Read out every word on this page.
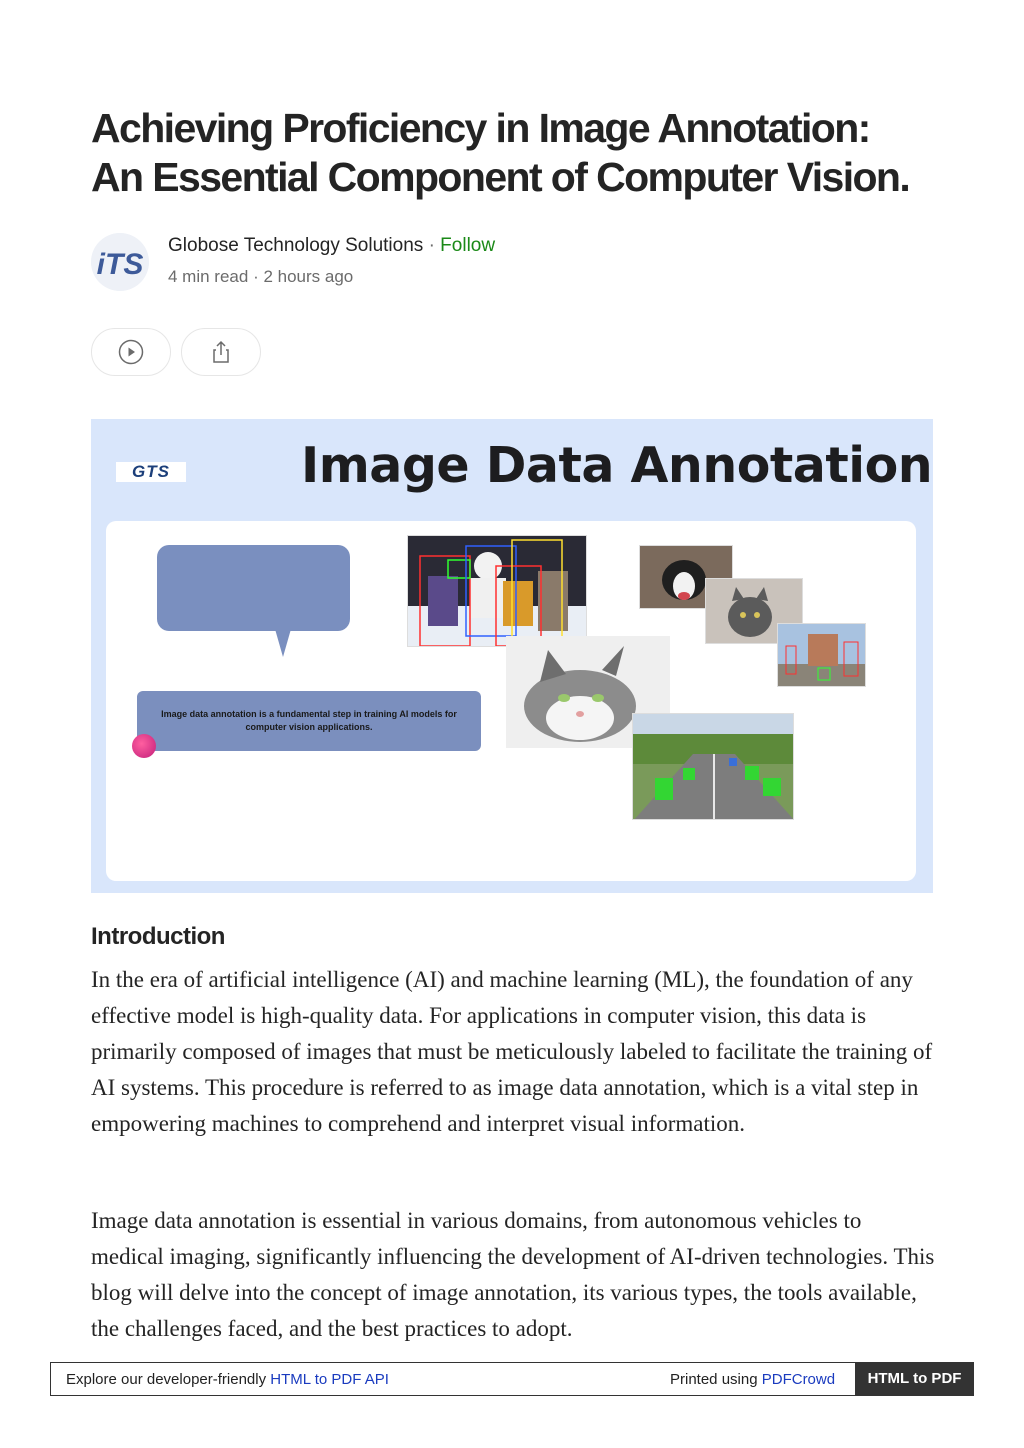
Achieving Proficiency in Image Annotation:
An Essential Component of Computer Vision.
iTS
Globose Technology Solutions · Follow
4 min read · 2 hours ago
GTS	Image Data Annotation
Image data annotation is a fundamental step in training AI models for computer vision applications.
Introduction

In the era of artificial intelligence (AI) and machine learning (ML), the foundation of any effective model is high-quality data. For applications in computer vision, this data is primarily composed of images that must be meticulously labeled to facilitate the training of AI systems. This procedure is referred to as image data annotation, which is a vital step in empowering machines to comprehend and interpret visual information.

Image data annotation is essential in various domains, from autonomous vehicles to medical imaging, significantly influencing the development of AI-driven technologies. This blog will delve into the concept of image annotation, its various types, the tools available, the challenges faced, and the best practices to adopt.

Explore our developer-friendly HTML to PDF API	Printed using PDFCrowd	HTML to PDF
